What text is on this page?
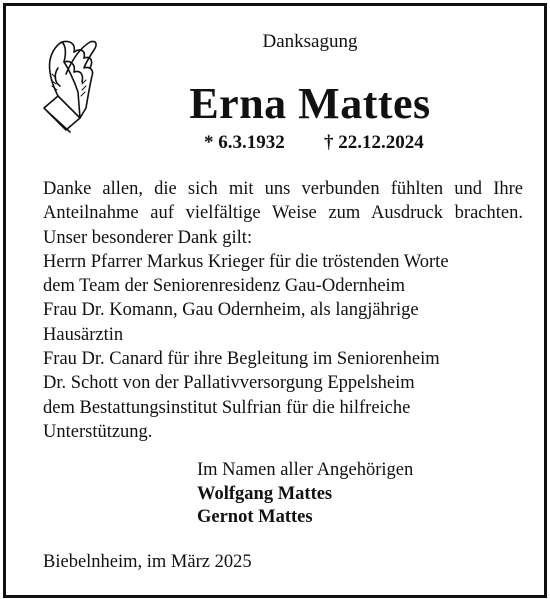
Danksagung
Erna Mattes
* 6.3.1932 † 22.12.2024
Danke allen, die sich mit uns verbunden fühlten und Ihre
Anteilnahme auf vielfältige Weise zum Ausdruck brachten.
Unser besonderer Dank gilt:
Herrn Pfarrer Markus Krieger für die tröstenden Worte
dem Team der Seniorenresidenz Gau-Odernheim
Frau Dr. Komann, Gau Odernheim, als langjährige
Hausärztin
Frau Dr. Canard für ihre Begleitung im Seniorenheim
Dr. Schott von der Pallativversorgung Eppelsheim
dem Bestattungsinstitut Sulfrian für die hilfreiche
Unterstützung.
Im Namen aller Angehörigen
Wolfgang Mattes
Gernot Mattes
Biebelnheim, im März 2025
